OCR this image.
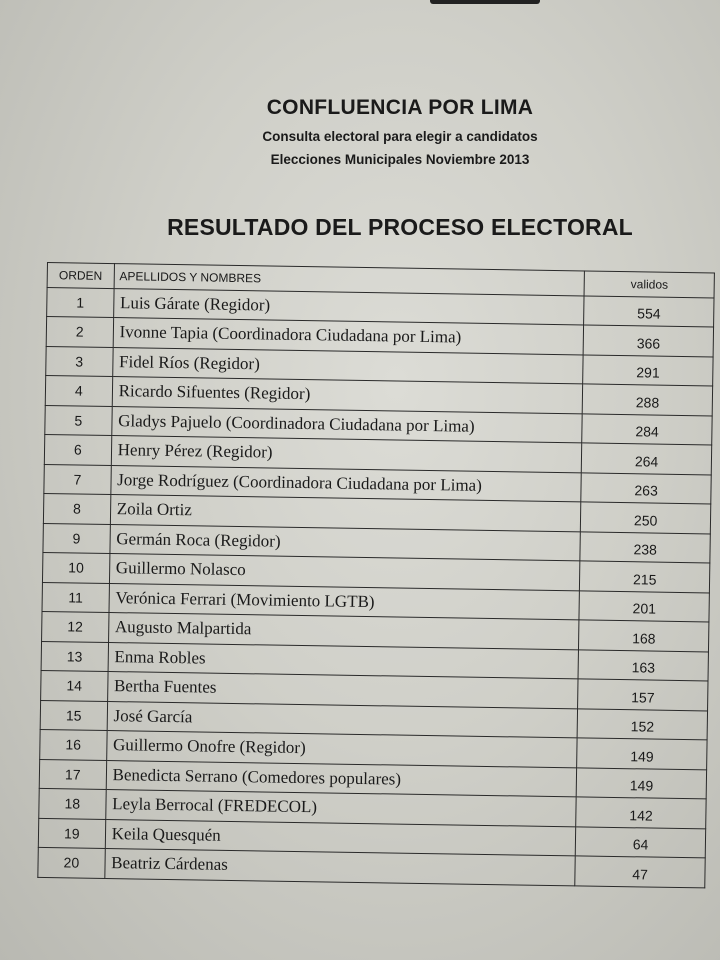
CONFLUENCIA POR LIMA
Consulta electoral para elegir a candidatos
Elecciones Municipales Noviembre 2013
RESULTADO DEL PROCESO ELECTORAL
ORDEN	APELLIDOS Y NOMBRES	validos
1	Luis Gárate (Regidor)	554
2	Ivonne Tapia (Coordinadora Ciudadana por Lima)	366
3	Fidel Ríos (Regidor)	291
4	Ricardo Sifuentes (Regidor)	288
5	Gladys Pajuelo (Coordinadora Ciudadana por Lima)	284
6	Henry Pérez (Regidor)	264
7	Jorge Rodríguez (Coordinadora Ciudadana por Lima)	263
8	Zoila Ortiz	250
9	Germán Roca (Regidor)	238
10	Guillermo Nolasco	215
11	Verónica Ferrari (Movimiento LGTB)	201
12	Augusto Malpartida	168
13	Enma Robles	163
14	Bertha Fuentes	157
15	José García	152
16	Guillermo Onofre (Regidor)	149
17	Benedicta Serrano (Comedores populares)	149
18	Leyla Berrocal (FREDECOL)	142
19	Keila Quesquén	64
20	Beatriz Cárdenas	47
